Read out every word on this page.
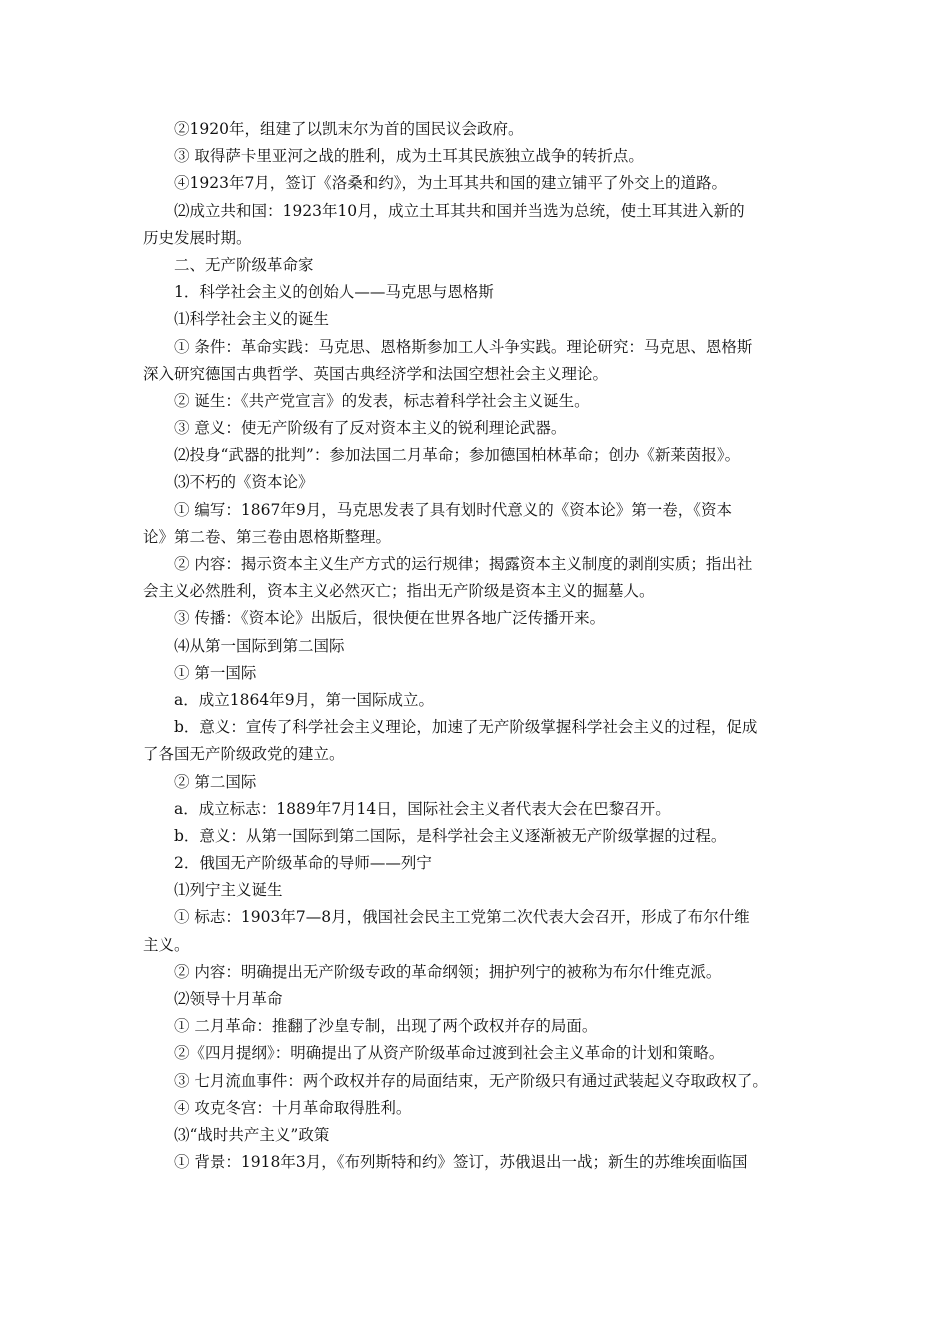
②1920年，组建了以凯末尔为首的国民议会政府。

③ 取得萨卡里亚河之战的胜利，成为土耳其民族独立战争的转折点。

④1923年7月，签订《洛桑和约》，为土耳其共和国的建立铺平了外交上的道路。

⑵成立共和国：1923年10月，成立土耳其共和国并当选为总统，使土耳其进入新的

历史发展时期。

二、无产阶级革命家

1．科学社会主义的创始人——马克思与恩格斯

⑴科学社会主义的诞生

① 条件：革命实践：马克思、恩格斯参加工人斗争实践。理论研究：马克思、恩格斯

深入研究德国古典哲学、英国古典经济学和法国空想社会主义理论。

② 诞生：《共产党宣言》的发表，标志着科学社会主义诞生。

③ 意义：使无产阶级有了反对资本主义的锐利理论武器。

⑵投身“武器的批判”：参加法国二月革命；参加德国柏林革命；创办《新莱茵报》。

⑶不朽的《资本论》

① 编写：1867年9月，马克思发表了具有划时代意义的《资本论》第一卷，《资本

论》第二卷、第三卷由恩格斯整理。

② 内容：揭示资本主义生产方式的运行规律；揭露资本主义制度的剥削实质；指出社

会主义必然胜利，资本主义必然灭亡；指出无产阶级是资本主义的掘墓人。

③ 传播：《资本论》出版后，很快便在世界各地广泛传播开来。

⑷从第一国际到第二国际

① 第一国际

a．成立1864年9月，第一国际成立。

b．意义：宣传了科学社会主义理论，加速了无产阶级掌握科学社会主义的过程，促成

了各国无产阶级政党的建立。

② 第二国际

a．成立标志：1889年7月14日，国际社会主义者代表大会在巴黎召开。

b．意义：从第一国际到第二国际，是科学社会主义逐渐被无产阶级掌握的过程。

2．俄国无产阶级革命的导师——列宁

⑴列宁主义诞生

① 标志：1903年7—8月，俄国社会民主工党第二次代表大会召开，形成了布尔什维

主义。

② 内容：明确提出无产阶级专政的革命纲领；拥护列宁的被称为布尔什维克派。

⑵领导十月革命

① 二月革命：推翻了沙皇专制，出现了两个政权并存的局面。

②《四月提纲》：明确提出了从资产阶级革命过渡到社会主义革命的计划和策略。

③ 七月流血事件：两个政权并存的局面结束，无产阶级只有通过武装起义夺取政权了。

④ 攻克冬宫：十月革命取得胜利。

⑶“战时共产主义”政策

① 背景：1918年3月，《布列斯特和约》签订，苏俄退出一战；新生的苏维埃面临国
